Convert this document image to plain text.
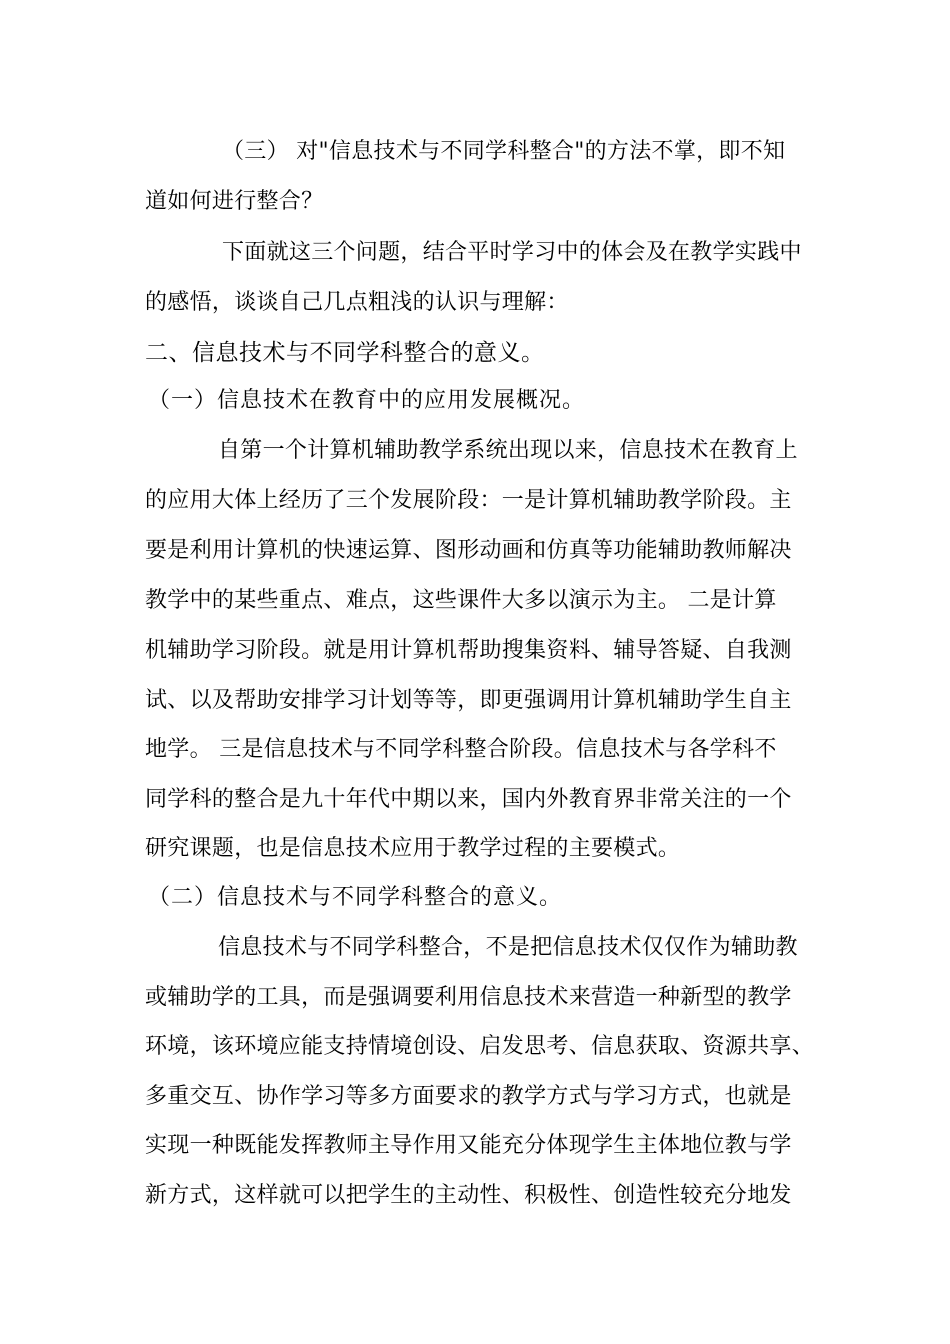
（三） 对"信息技术与不同学科整合"的方法不掌，即不知
道如何进行整合？
下面就这三个问题，结合平时学习中的体会及在教学实践中
的感悟，谈谈自己几点粗浅的认识与理解：
二、信息技术与不同学科整合的意义。
（一）信息技术在教育中的应用发展概况。
自第一个计算机辅助教学系统出现以来，信息技术在教育上
的应用大体上经历了三个发展阶段：一是计算机辅助教学阶段。主
要是利用计算机的快速运算、图形动画和仿真等功能辅助教师解决
教学中的某些重点、难点，这些课件大多以演示为主。 二是计算
机辅助学习阶段。就是用计算机帮助搜集资料、辅导答疑、自我测
试、以及帮助安排学习计划等等，即更强调用计算机辅助学生自主
地学。 三是信息技术与不同学科整合阶段。信息技术与各学科不
同学科的整合是九十年代中期以来，国内外教育界非常关注的一个
研究课题，也是信息技术应用于教学过程的主要模式。
（二）信息技术与不同学科整合的意义。
信息技术与不同学科整合，不是把信息技术仅仅作为辅助教
或辅助学的工具，而是强调要利用信息技术来营造一种新型的教学
环境，该环境应能支持情境创设、启发思考、信息获取、资源共享、
多重交互、协作学习等多方面要求的教学方式与学习方式，也就是
实现一种既能发挥教师主导作用又能充分体现学生主体地位教与学
新方式，这样就可以把学生的主动性、积极性、创造性较充分地发
